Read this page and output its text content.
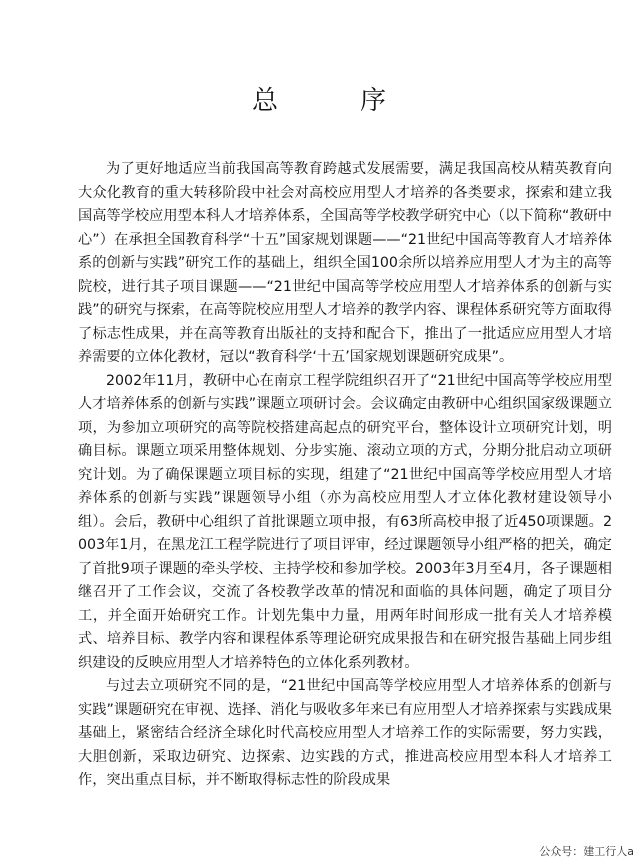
总　序

为了更好地适应当前我国高等教育跨越式发展需要，满足我国高校从精英教育向大众化教育的重大转移阶段中社会对高校应用型人才培养的各类要求，探索和建立我国高等学校应用型本科人才培养体系，全国高等学校教学研究中心（以下简称“教研中心”）在承担全国教育科学“十五”国家规划课题——“21世纪中国高等教育人才培养体系的创新与实践”研究工作的基础上，组织全国100余所以培养应用型人才为主的高等院校，进行其子项目课题——“21世纪中国高等学校应用型人才培养体系的创新与实践”的研究与探索，在高等院校应用型人才培养的教学内容、课程体系研究等方面取得了标志性成果，并在高等教育出版社的支持和配合下，推出了一批适应应用型人才培养需要的立体化教材，冠以“教育科学‘十五’国家规划课题研究成果”。

2002年11月，教研中心在南京工程学院组织召开了“21世纪中国高等学校应用型人才培养体系的创新与实践”课题立项研讨会。会议确定由教研中心组织国家级课题立项，为参加立项研究的高等院校搭建高起点的研究平台，整体设计立项研究计划，明确目标。课题立项采用整体规划、分步实施、滚动立项的方式，分期分批启动立项研究计划。为了确保课题立项目标的实现，组建了“21世纪中国高等学校应用型人才培养体系的创新与实践”课题领导小组（亦为高校应用型人才立体化教材建设领导小组）。会后，教研中心组织了首批课题立项申报，有63所高校申报了近450项课题。2003年1月，在黑龙江工程学院进行了项目评审，经过课题领导小组严格的把关，确定了首批9项子课题的牵头学校、主持学校和参加学校。2003年3月至4月，各子课题相继召开了工作会议，交流了各校教学改革的情况和面临的具体问题，确定了项目分工，并全面开始研究工作。计划先集中力量，用两年时间形成一批有关人才培养模式、培养目标、教学内容和课程体系等理论研究成果报告和在研究报告基础上同步组织建设的反映应用型人才培养特色的立体化系列教材。

与过去立项研究不同的是，“21世纪中国高等学校应用型人才培养体系的创新与实践”课题研究在审视、选择、消化与吸收多年来已有应用型人才培养探索与实践成果基础上，紧密结合经济全球化时代高校应用型人才培养工作的实际需要，努力实践，大胆创新，采取边研究、边探索、边实践的方式，推进高校应用型本科人才培养工作，突出重点目标，并不断取得标志性的阶段成果

公众号：建工行人a
